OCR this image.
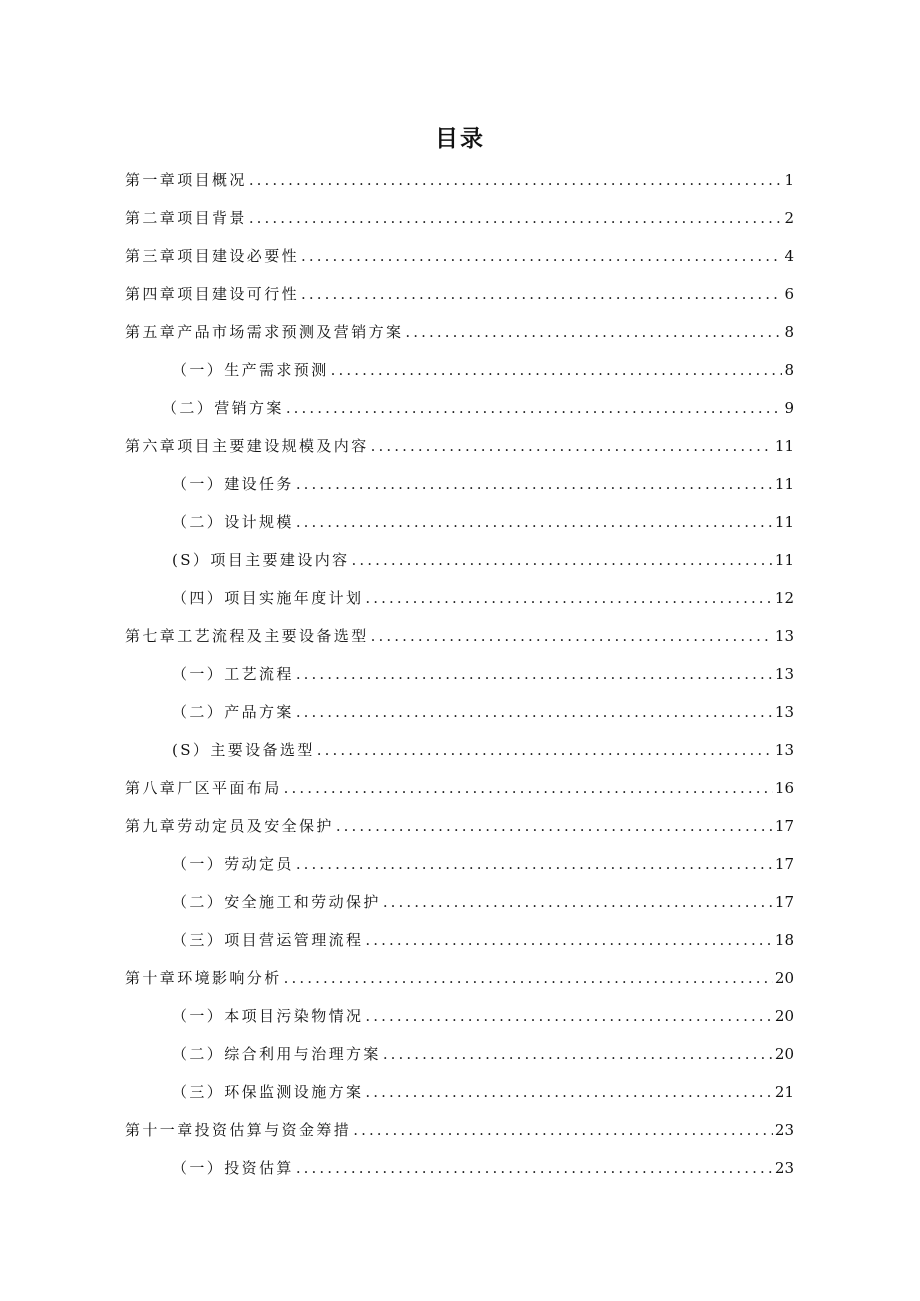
目录
第一章项目概况 .....	1
第二章项目背景 .....	2
第三章项目建设必要性 .....	4
第四章项目建设可行性 .....	6
第五章产品市场需求预测及营销方案 .....	8
（一）生产需求预测 .....	8
（二）营销方案 .....	9
第六章项目主要建设规模及内容 .....	11
（一）建设任务 .....	11
（二）设计规模 .....	11
(S）项目主要建设内容 .....	11
（四）项目实施年度计划 .....	12
第七章工艺流程及主要设备选型 .....	13
（一）工艺流程 .....	13
（二）产品方案 .....	13
(S）主要设备选型 .....	13
第八章厂区平面布局 .....	16
第九章劳动定员及安全保护 .....	17
（一）劳动定员 .....	17
（二）安全施工和劳动保护 .....	17
（三）项目营运管理流程 .....	18
第十章环境影响分析 .....	20
（一）本项目污染物情况 .....	20
（二）综合利用与治理方案 .....	20
（三）环保监测设施方案 .....	21
第十一章投资估算与资金筹措 .....	23
（一）投资估算 .....	23
